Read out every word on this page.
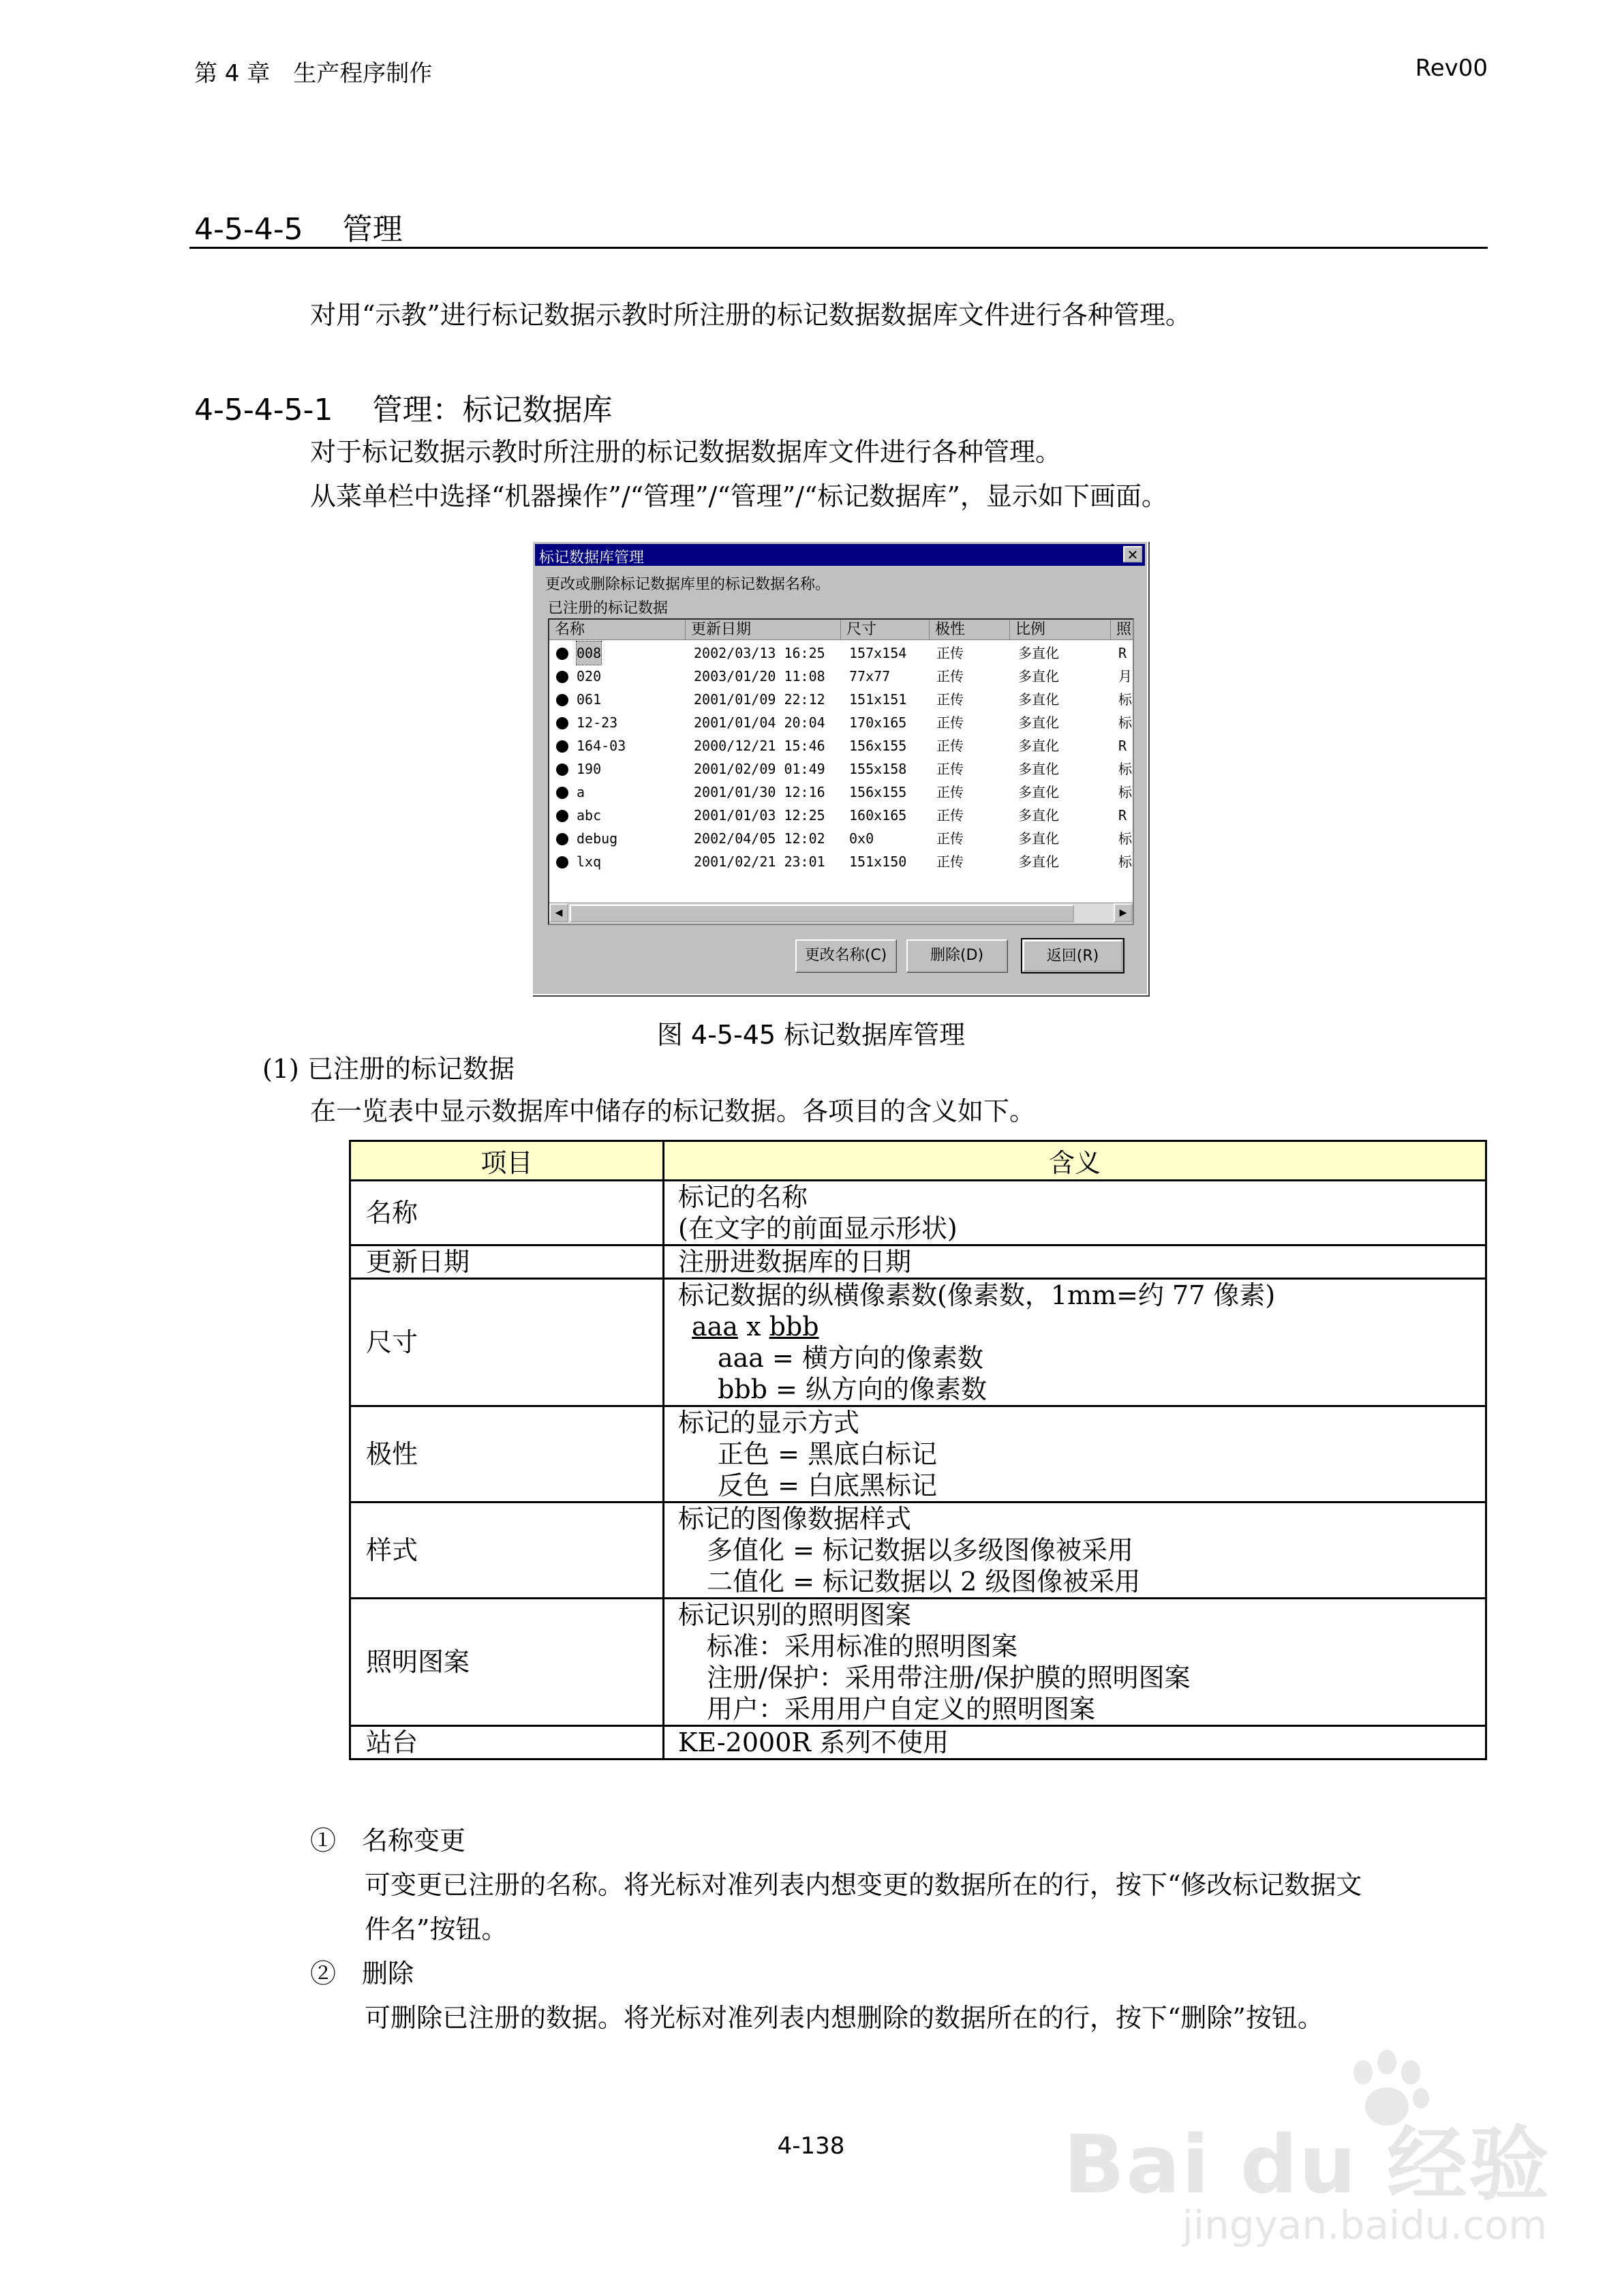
第 4 章　生产程序制作	Rev00
4-5-4-5　 管理
对用“示教”进行标记数据示教时所注册的标记数据数据库文件进行各种管理。
4-5-4-5-1　 管理：标记数据库
对于标记数据示教时所注册的标记数据数据库文件进行各种管理。
从菜单栏中选择“机器操作”/“管理”/“管理”/“标记数据库”，显示如下画面。
标记数据库管理	✕
更改或删除标记数据库里的标记数据名称。
已注册的标记数据
名称	更新日期	尺寸	极性	比例	照
008	2002/03/13 16:25 157x154 正传	多直化	R
020	2003/01/20 11:08 77x77	正传	多直化	月
061	2001/01/09 22:12 151x151 正传	多直化	标
12-23	2001/01/04 20:04 170x165 正传	多直化	标
164-03	2000/12/21 15:46 156x155 正传	多直化	R
190	2001/02/09 01:49 155x158 正传	多直化	标
a	2001/01/30 12:16 156x155 正传	多直化	标
abc	2001/01/03 12:25 160x165 正传	多直化	R
debug	2002/04/05 12:02 0x0	正传	多直化	标
lxq	2001/02/21 23:01 151x150 正传	多直化	标
◀	▶
更改名称(C)	删除(D)	返回(R)
图 4-5-45 标记数据库管理
(1) 已注册的标记数据
在一览表中显示数据库中储存的标记数据。各项目的含义如下。
项目	含义
名称	标记的名称
(在文字的前面显示形状)

更新日期	注册进数据库的日期

尺寸	标记数据的纵横像素数(像素数，1mm=约 77 像素)
aaa x bbb
aaa = 横方向的像素数
bbb = 纵方向的像素数

极性	标记的显示方式
正色 = 黑底白标记
反色 = 白底黑标记

样式	标记的图像数据样式
多值化 = 标记数据以多级图像被采用
二值化 = 标记数据以 2 级图像被采用

照明图案	标记识别的照明图案
标准：采用标准的照明图案
注册/保护：采用带注册/保护膜的照明图案
用户：采用用户自定义的照明图案

站台	KE-2000R 系列不使用
①　名称变更
可变更已注册的名称。将光标对准列表内想变更的数据所在的行，按下“修改标记数据文
件名”按钮。
②　删除
可删除已注册的数据。将光标对准列表内想删除的数据所在的行，按下“删除”按钮。
4-138	Bai du 经验
jingyan.baidu.com
